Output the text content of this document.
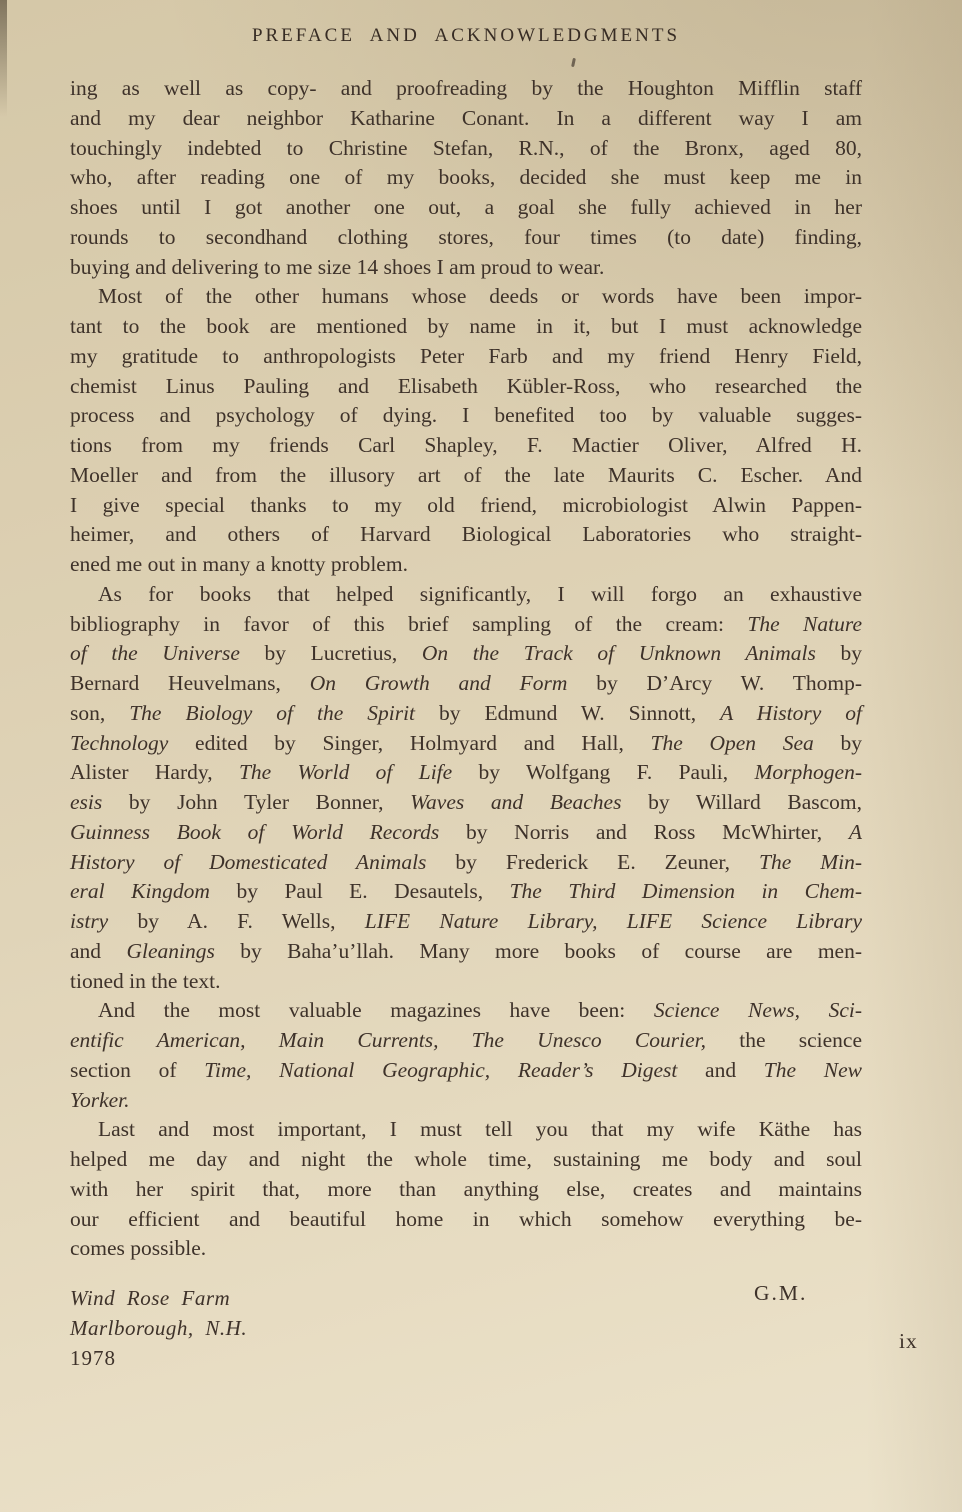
PREFACE AND ACKNOWLEDGMENTS
ing as well as copy- and proofreading by the Houghton Mifflin staff
and my dear neighbor Katharine Conant. In a different way I am
touchingly indebted to Christine Stefan, R.N., of the Bronx, aged 80,
who, after reading one of my books, decided she must keep me in
shoes until I got another one out, a goal she fully achieved in her
rounds to secondhand clothing stores, four times (to date) finding,
buying and delivering to me size 14 shoes I am proud to wear.
Most of the other humans whose deeds or words have been impor-
tant to the book are mentioned by name in it, but I must acknowledge
my gratitude to anthropologists Peter Farb and my friend Henry Field,
chemist Linus Pauling and Elisabeth Kübler-Ross, who researched the
process and psychology of dying. I benefited too by valuable sugges-
tions from my friends Carl Shapley, F. Mactier Oliver, Alfred H.
Moeller and from the illusory art of the late Maurits C. Escher. And
I give special thanks to my old friend, microbiologist Alwin Pappen-
heimer, and others of Harvard Biological Laboratories who straight-
ened me out in many a knotty problem.
As for books that helped significantly, I will forgo an exhaustive
bibliography in favor of this brief sampling of the cream: The Nature
of the Universe by Lucretius, On the Track of Unknown Animals by
Bernard Heuvelmans, On Growth and Form by D’Arcy W. Thomp-
son, The Biology of the Spirit by Edmund W. Sinnott, A History of
Technology edited by Singer, Holmyard and Hall, The Open Sea by
Alister Hardy, The World of Life by Wolfgang F. Pauli, Morphogen-
esis by John Tyler Bonner, Waves and Beaches by Willard Bascom,
Guinness Book of World Records by Norris and Ross McWhirter, A
History of Domesticated Animals by Frederick E. Zeuner, The Min-
eral Kingdom by Paul E. Desautels, The Third Dimension in Chem-
istry by A. F. Wells, LIFE Nature Library, LIFE Science Library
and Gleanings by Baha’u’llah. Many more books of course are men-
tioned in the text.
And the most valuable magazines have been: Science News, Sci-
entific American, Main Currents, The Unesco Courier, the science
section of Time, National Geographic, Reader’s Digest and The New
Yorker.
Last and most important, I must tell you that my wife Käthe has
helped me day and night the whole time, sustaining me body and soul
with her spirit that, more than anything else, creates and maintains
our efficient and beautiful home in which somehow everything be-
comes possible.
Wind Rose Farm
Marlborough, N.H.
1978
G.M.
ix
